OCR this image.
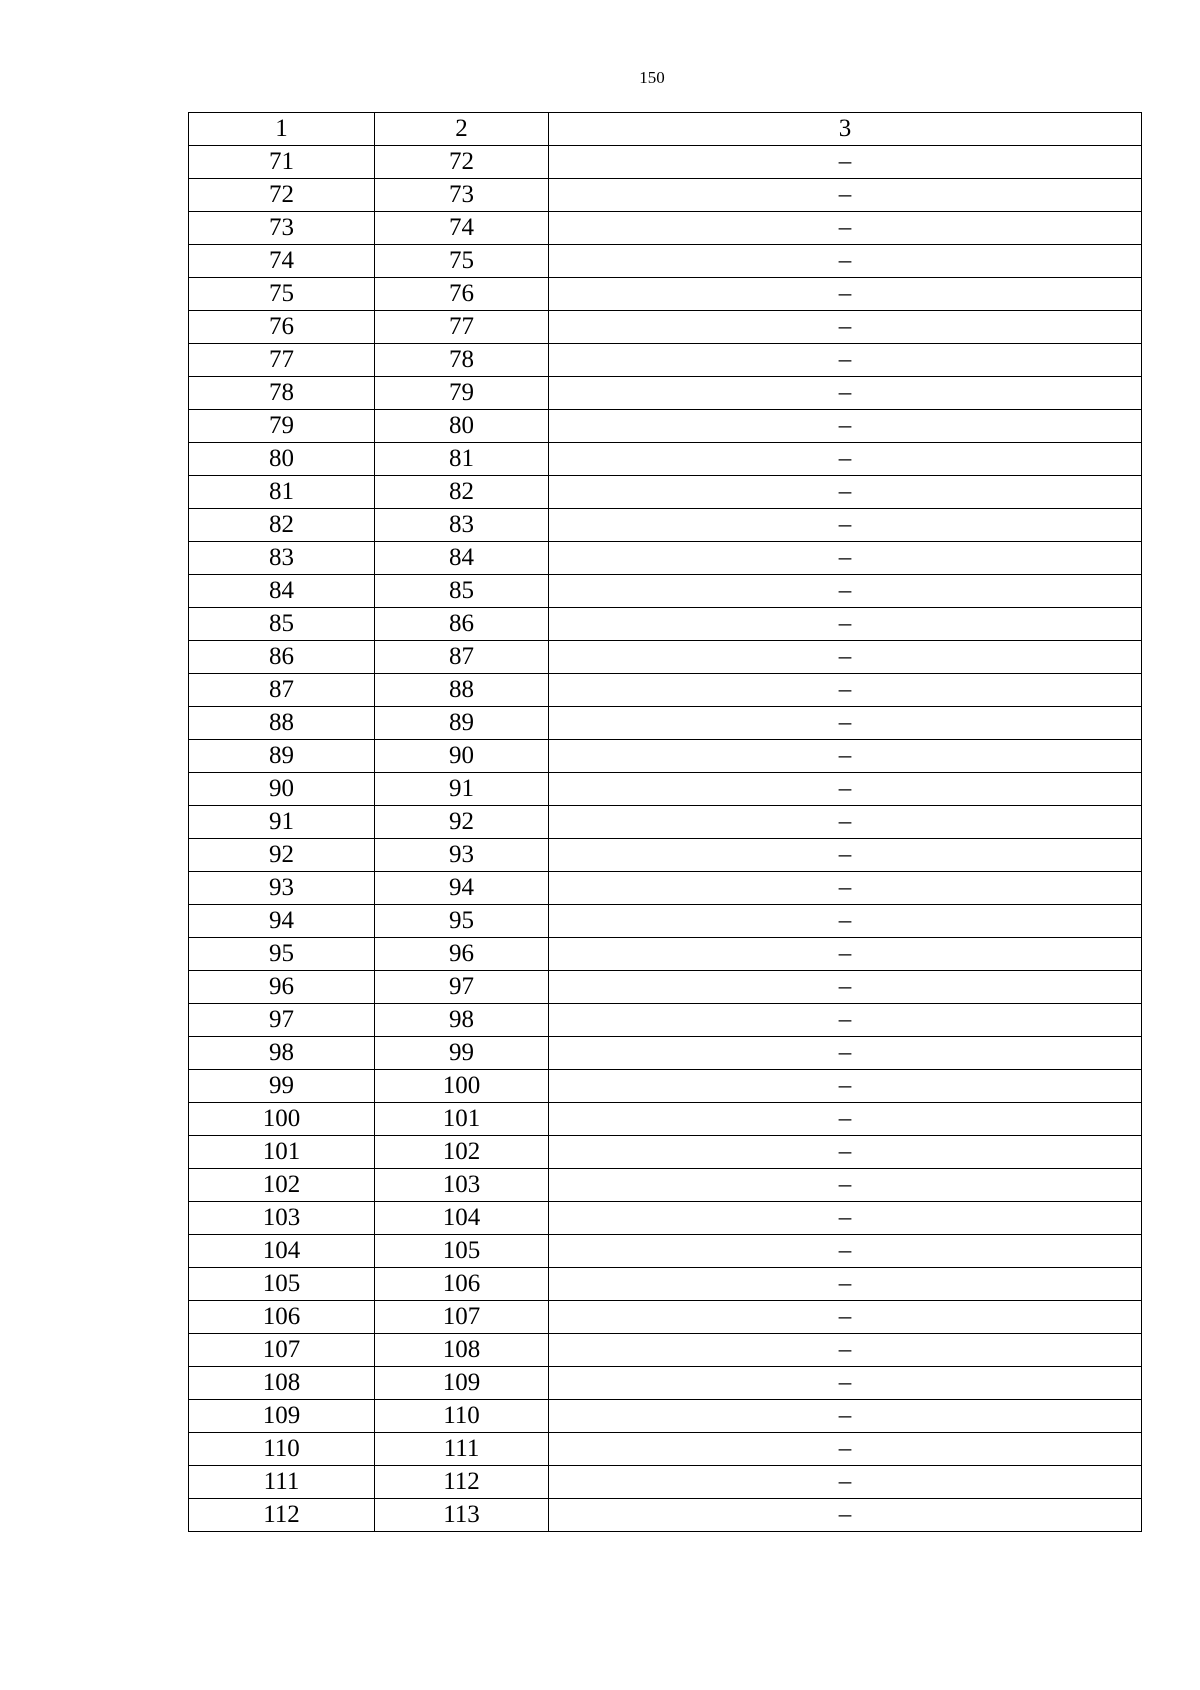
150
1	2	3
71	72	–
72	73	–
73	74	–
74	75	–
75	76	–
76	77	–
77	78	–
78	79	–
79	80	–
80	81	–
81	82	–
82	83	–
83	84	–
84	85	–
85	86	–
86	87	–
87	88	–
88	89	–
89	90	–
90	91	–
91	92	–
92	93	–
93	94	–
94	95	–
95	96	–
96	97	–
97	98	–
98	99	–
99	100	–
100	101	–
101	102	–
102	103	–
103	104	–
104	105	–
105	106	–
106	107	–
107	108	–
108	109	–
109	110	–
110	111	–
111	112	–
112	113	–
